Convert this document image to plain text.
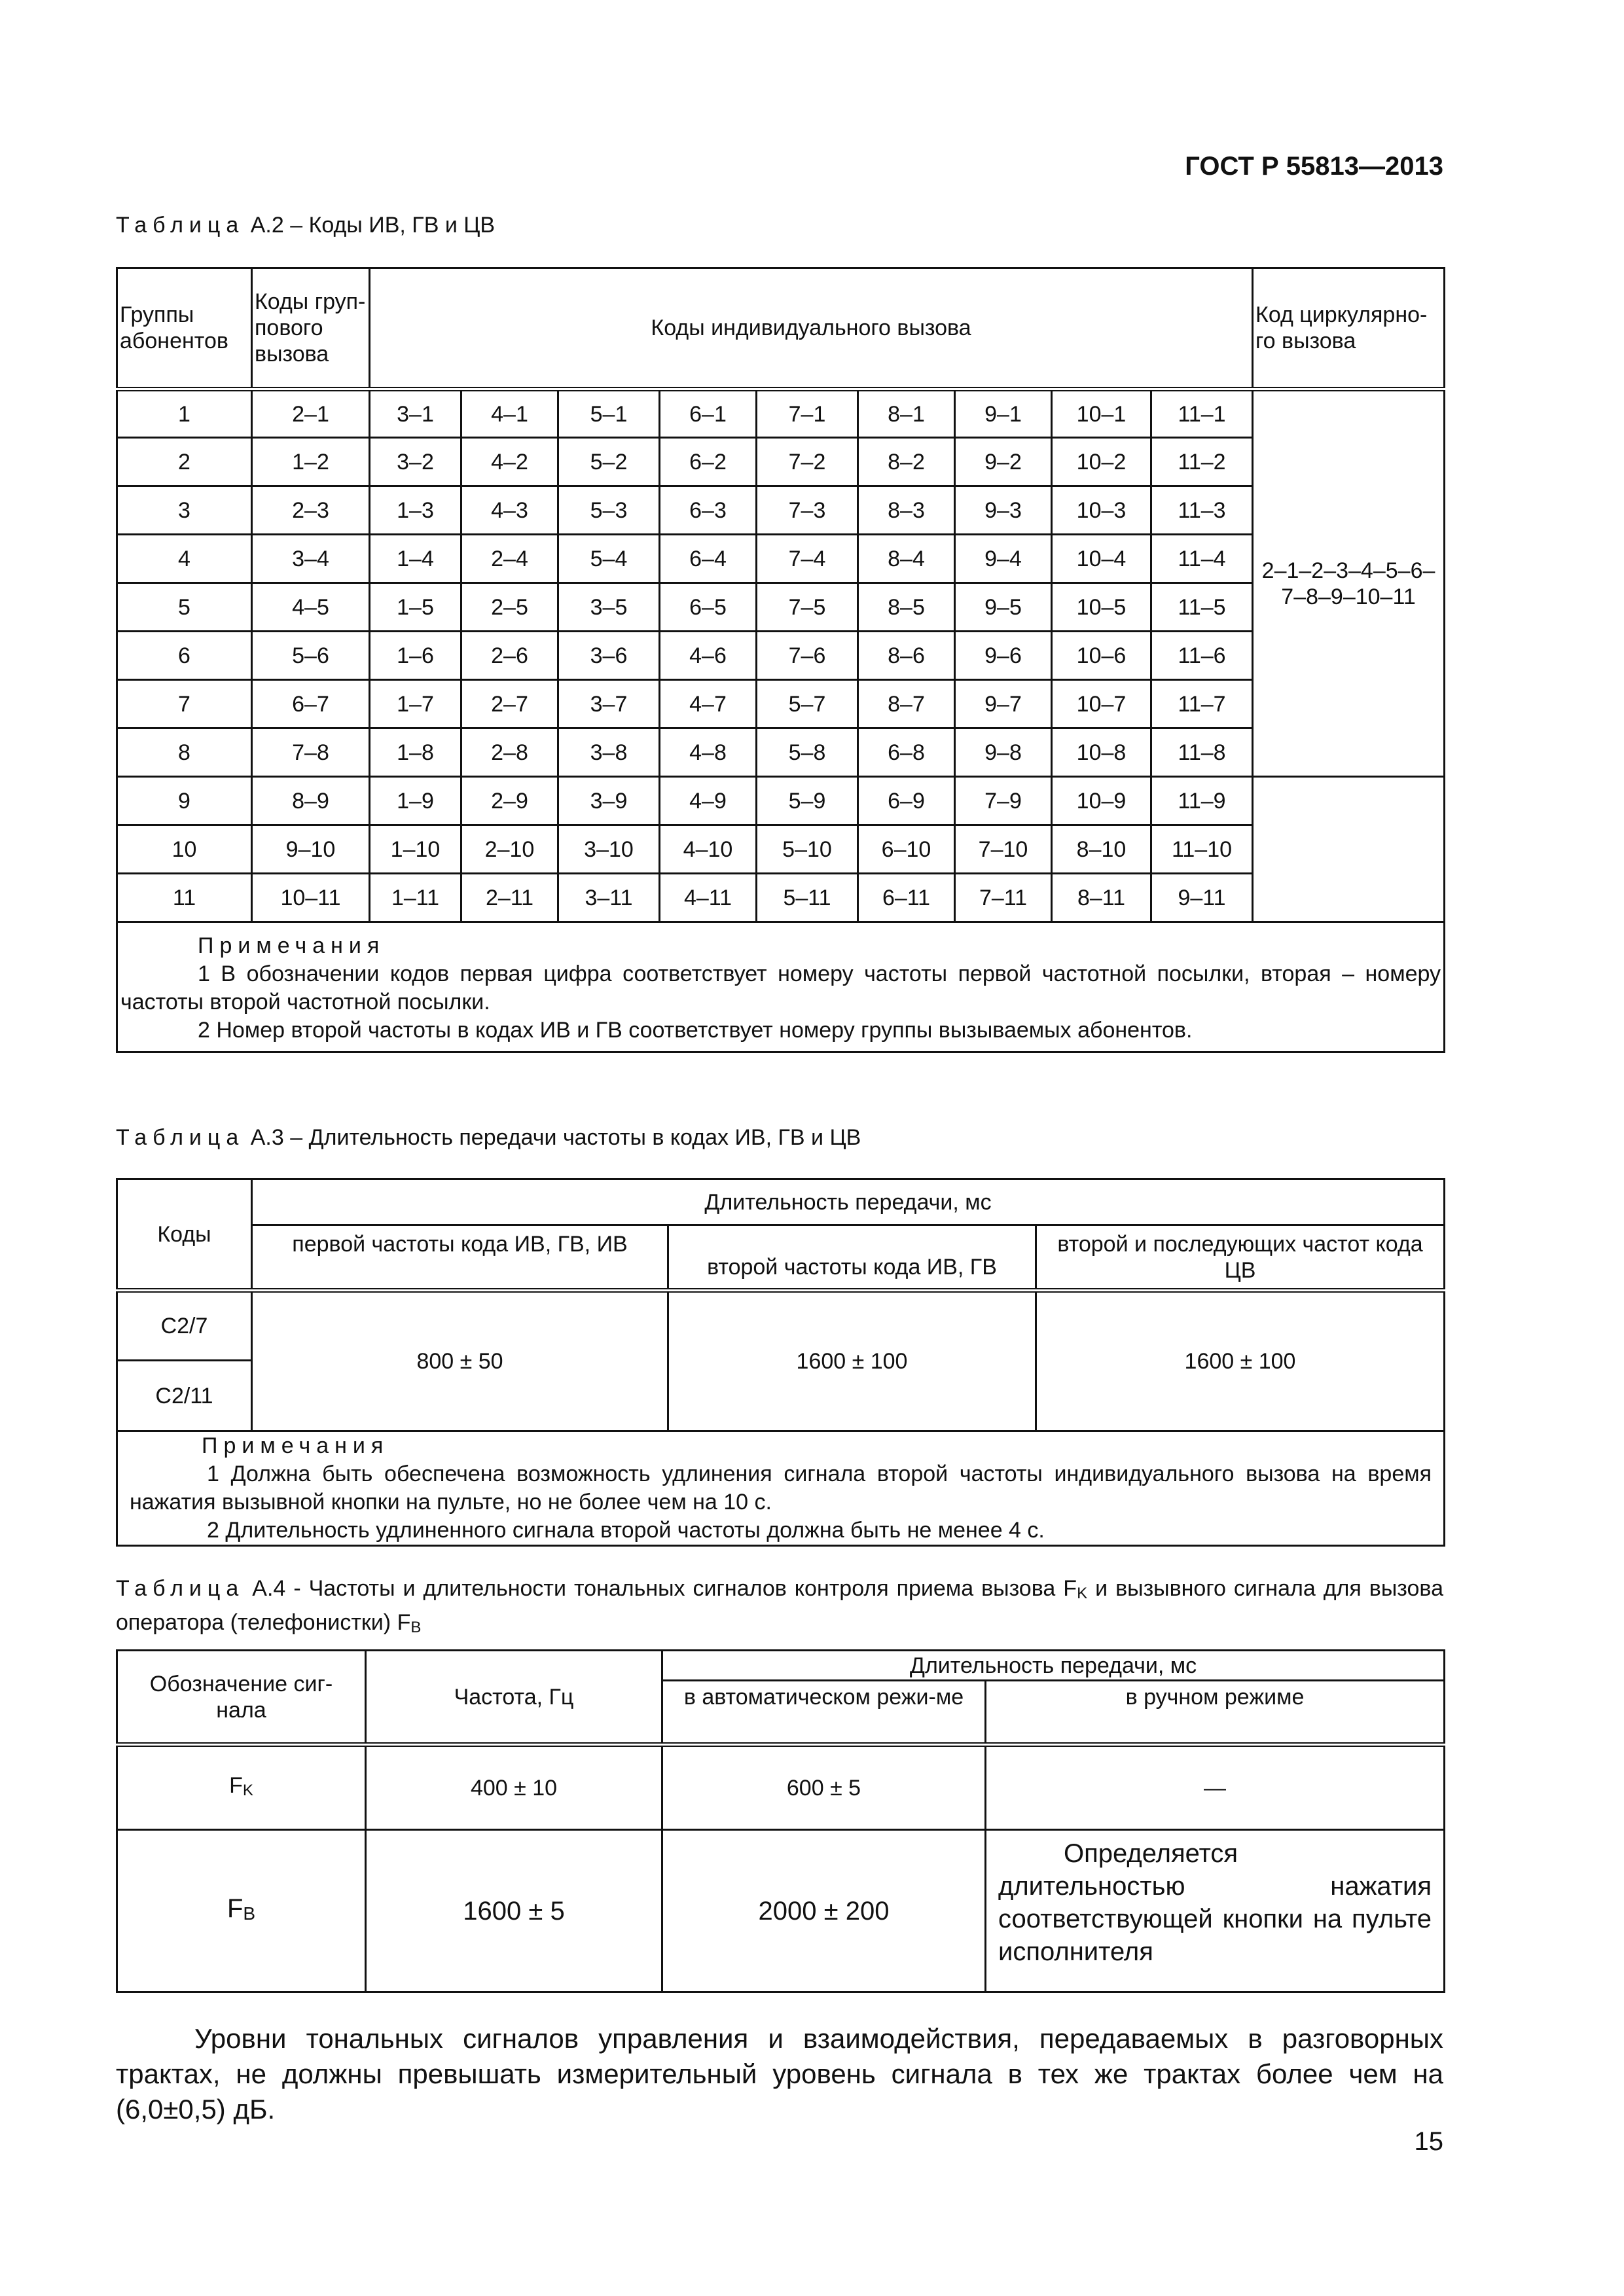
ГОСТ Р 55813—2013
Таблица А.2 – Коды ИВ, ГВ и ЦВ
Группы абонентов	Коды груп-пового вызова	Коды индивидуального вызова									Код циркулярно-го вызова
1	2–1	3–1	4–1	5–1	6–1	7–1	8–1	9–1	10–1	11–1	2–1–2–3–4–5–6–7–8–9–10–11
2	1–2	3–2	4–2	5–2	6–2	7–2	8–2	9–2	10–2	11–2	
3	2–3	1–3	4–3	5–3	6–3	7–3	8–3	9–3	10–3	11–3	
4	3–4	1–4	2–4	5–4	6–4	7–4	8–4	9–4	10–4	11–4	
5	4–5	1–5	2–5	3–5	6–5	7–5	8–5	9–5	10–5	11–5	
6	5–6	1–6	2–6	3–6	4–6	7–6	8–6	9–6	10–6	11–6	
7	6–7	1–7	2–7	3–7	4–7	5–7	8–7	9–7	10–7	11–7	
8	7–8	1–8	2–8	3–8	4–8	5–8	6–8	9–8	10–8	11–8	
9	8–9	1–9	2–9	3–9	4–9	5–9	6–9	7–9	10–9	11–9	
10	9–10	1–10	2–10	3–10	4–10	5–10	6–10	7–10	8–10	11–10	
11	10–11	1–11	2–11	3–11	4–11	5–11	6–11	7–11	8–11	9–11	

Примечания
1 В обозначении кодов первая цифра соответствует номеру частоты первой частотной посылки, вторая – номеру частоты второй частотной посылки.
2 Номер второй частоты в кодах ИВ и ГВ соответствует номеру группы вызываемых абонентов.											
Таблица А.3 – Длительность передачи частоты в кодах ИВ, ГВ и ЦВ
Коды	Длительность передачи, мс		
	первой частоты кода ИВ, ГВ, ИВ	второй частоты кода ИВ, ГВ	второй и последующих частот кода ЦВ
С2/7	800 ± 50	1600 ± 100	1600 ± 100
С2/11			

Примечания
1 Должна быть обеспечена возможность удлинения сигнала второй частоты индивидуального вызова на время нажатия вызывной кнопки на пульте, но не более чем на 10 с.
2 Длительность удлиненного сигнала второй частоты должна быть не менее 4 с.			
Таблица А.4 - Частоты и длительности тональных сигналов контроля приема вызова FK и вызывного сигнала для вызова оператора (телефонистки) FB
Обозначение сиг-нала	Частота, Гц	Длительность передачи, мс	
		в автоматическом режи-ме	в ручном режиме
FK	400 ± 10	600 ± 5	—
FB	1600 ± 5	2000 ± 200	Определяется длительностью нажатия соответствующей кнопки на пульте исполнителя
Уровни тональных сигналов управления и взаимодействия, передаваемых в разговорных трактах, не должны превышать измерительный уровень сигнала в тех же трактах более чем на (6,0±0,5) дБ.
15
